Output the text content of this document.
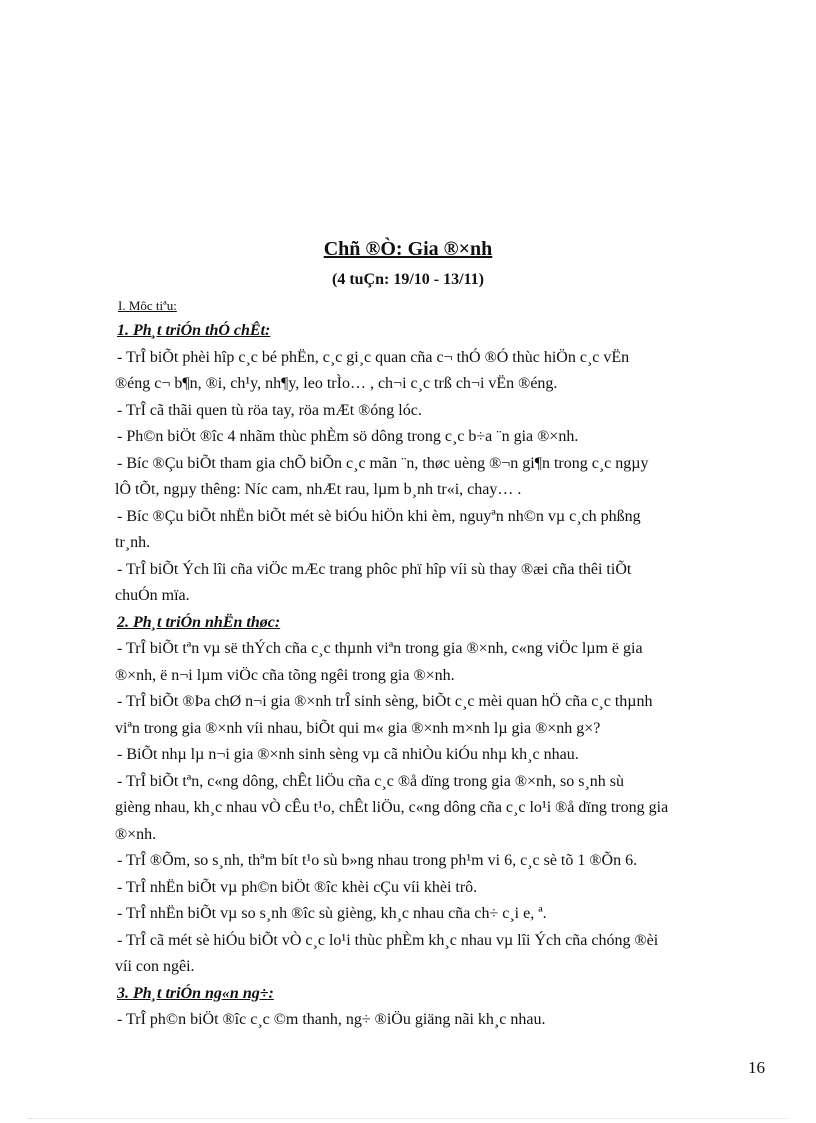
Chñ ®Ò: Gia ®×nh
(4 tuÇn: 19/10 - 13/11)
I. Môc tiªu:

1. Ph¸t triÓn thÓ chÊt:

- TrÎ biÕt phèi hîp c¸c bé phËn, c¸c gi¸c quan cña c¬ thÓ ®Ó thùc hiÖn c¸c vËn
®éng c¬ b¶n, ®i, ch¹y, nh¶y, leo trÌo… , ch¬i c¸c trß ch¬i vËn ®éng.

- TrÎ cã thãi quen tù röa tay, röa mÆt ®óng lóc.

- Ph©n biÖt ®îc 4 nhãm thùc phÈm sö dông trong c¸c b÷a ¨n gia ®×nh.

- Bíc ®Çu biÕt tham gia chÕ biÕn c¸c mãn ¨n, thøc uèng ®¬n gi¶n trong c¸c ngµy
lÔ tÕt, ngµy thêng: Níc cam, nhÆt rau, lµm b¸nh tr«i, chay… .

- Bíc ®Çu biÕt nhËn biÕt mét sè biÓu hiÖn khi èm, nguyªn nh©n vµ c¸ch phßng
tr¸nh.

- TrÎ biÕt Ých lîi cña viÖc mÆc trang phôc phï hîp víi sù thay ®æi cña thêi tiÕt
chuÓn mïa.

2. Ph¸t triÓn nhËn thøc:

- TrÎ biÕt tªn vµ së thÝch cña c¸c thµnh viªn trong gia ®×nh, c«ng viÖc lµm ë gia
®×nh, ë n¬i lµm viÖc cña tõng ngêi trong gia ®×nh.

- TrÎ biÕt ®Þa chØ n¬i gia ®×nh trÎ sinh sèng, biÕt c¸c mèi quan hÖ cña c¸c thµnh
viªn trong gia ®×nh víi nhau, biÕt qui m« gia ®×nh m×nh lµ gia ®×nh g×?

- BiÕt nhµ lµ n¬i gia ®×nh sinh sèng vµ cã nhiÒu kiÓu nhµ kh¸c nhau.

- TrÎ biÕt tªn, c«ng dông, chÊt liÖu cña c¸c ®å dïng trong gia ®×nh, so s¸nh sù
gièng nhau, kh¸c nhau vÒ cÊu t¹o, chÊt liÖu, c«ng dông cña c¸c lo¹i ®å dïng trong gia
®×nh.

- TrÎ ®Õm, so s¸nh, thªm bít t¹o sù b»ng nhau trong ph¹m vi 6, c¸c sè tõ 1 ®Õn 6.

- TrÎ nhËn biÕt vµ ph©n biÖt ®îc khèi cÇu víi khèi trô.

- TrÎ nhËn biÕt vµ so s¸nh ®îc sù gièng, kh¸c nhau cña ch÷ c¸i e, ª.

- TrÎ cã mét sè hiÓu biÕt vÒ c¸c lo¹i thùc phÈm kh¸c nhau vµ lîi Ých cña chóng ®èi
víi con ngêi.

3. Ph¸t triÓn ng«n ng÷:

- TrÎ ph©n biÖt ®îc c¸c ©m thanh, ng÷ ®iÖu giäng nãi kh¸c nhau.

16
